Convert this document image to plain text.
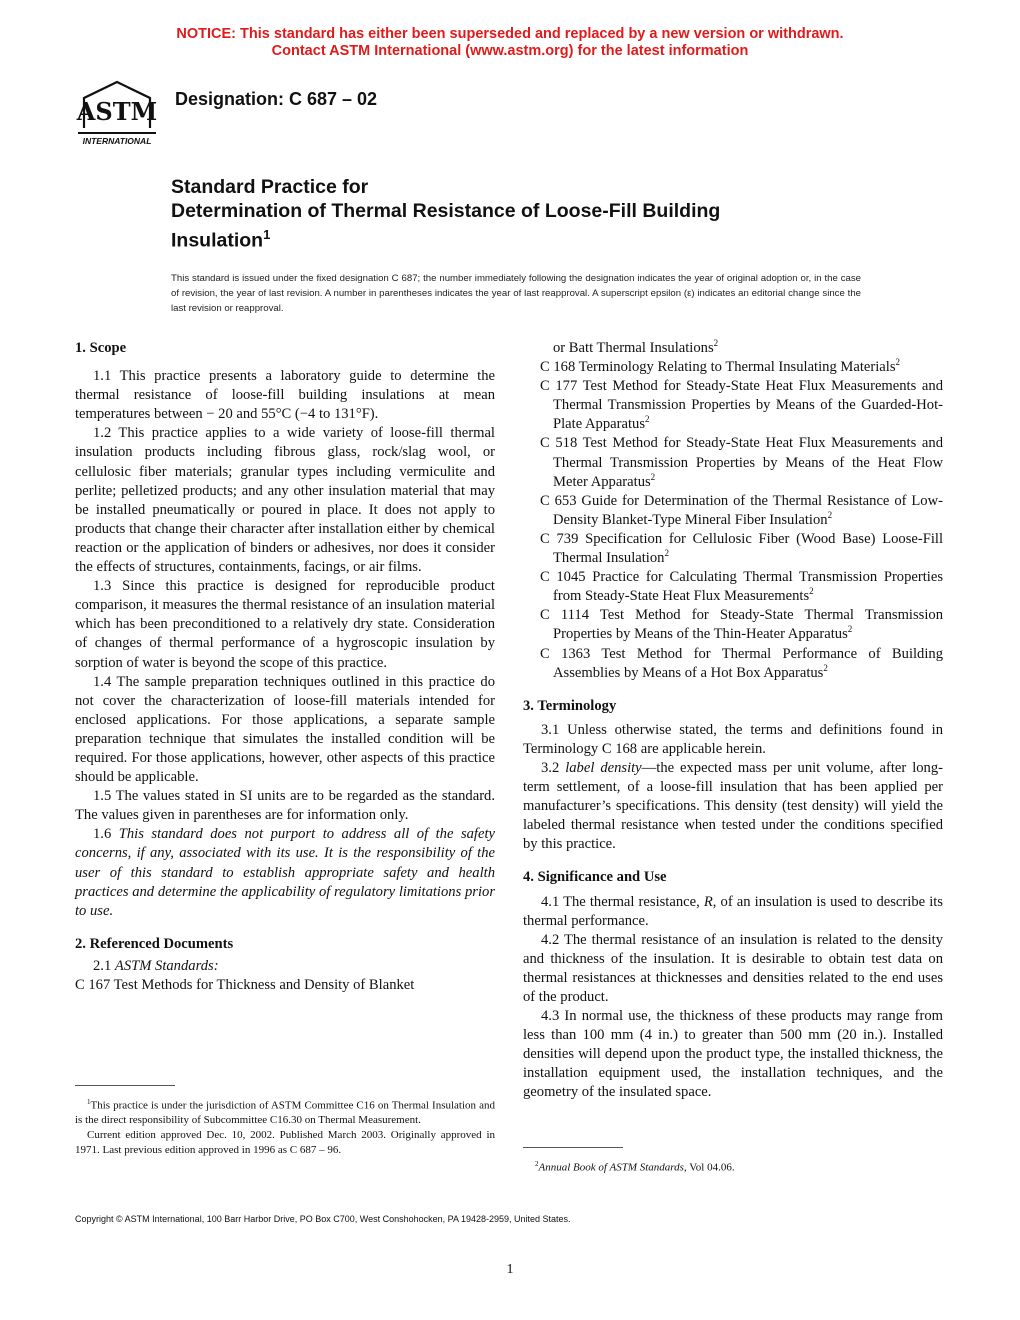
NOTICE: This standard has either been superseded and replaced by a new version or withdrawn.
Contact ASTM International (www.astm.org) for the latest information
ASTM
INTERNATIONAL
Designation: C 687 – 02
Standard Practice for
Determination of Thermal Resistance of Loose-Fill Building
Insulation$^1$
This standard is issued under the fixed designation C 687; the number immediately following the designation indicates the year of original adoption or, in the case of revision, the year of last revision. A number in parentheses indicates the year of last reapproval. A superscript epsilon (ε) indicates an editorial change since the last revision or reapproval.
1. Scope

1.1 This practice presents a laboratory guide to determine the thermal resistance of loose-fill building insulations at mean temperatures between − 20 and 55°C (−4 to 131°F).

1.2 This practice applies to a wide variety of loose-fill thermal insulation products including fibrous glass, rock/slag wool, or cellulosic fiber materials; granular types including vermiculite and perlite; pelletized products; and any other insulation material that may be installed pneumatically or poured in place. It does not apply to products that change their character after installation either by chemical reaction or the application of binders or adhesives, nor does it consider the effects of structures, containments, facings, or air films.

1.3 Since this practice is designed for reproducible product comparison, it measures the thermal resistance of an insulation material which has been preconditioned to a relatively dry state. Consideration of changes of thermal performance of a hygroscopic insulation by sorption of water is beyond the scope of this practice.

1.4 The sample preparation techniques outlined in this practice do not cover the characterization of loose-fill materials intended for enclosed applications. For those applications, a separate sample preparation technique that simulates the installed condition will be required. For those applications, however, other aspects of this practice should be applicable.

1.5 The values stated in SI units are to be regarded as the standard. The values given in parentheses are for information only.

1.6 This standard does not purport to address all of the safety concerns, if any, associated with its use. It is the responsibility of the user of this standard to establish appropriate safety and health practices and determine the applicability of regulatory limitations prior to use.

2. Referenced Documents

2.1 ASTM Standards:

C 167 Test Methods for Thickness and Density of Blanket

$^1$This practice is under the jurisdiction of ASTM Committee C16 on Thermal Insulation and is the direct responsibility of Subcommittee C16.30 on Thermal Measurement.

Current edition approved Dec. 10, 2002. Published March 2003. Originally approved in 1971. Last previous edition approved in 1996 as C 687 – 96.

or Batt Thermal Insulations$^2$

C 168 Terminology Relating to Thermal Insulating Materials$^2$

C 177 Test Method for Steady-State Heat Flux Measurements and Thermal Transmission Properties by Means of the Guarded-Hot-Plate Apparatus$^2$

C 518 Test Method for Steady-State Heat Flux Measurements and Thermal Transmission Properties by Means of the Heat Flow Meter Apparatus$^2$

C 653 Guide for Determination of the Thermal Resistance of Low-Density Blanket-Type Mineral Fiber Insulation$^2$

C 739 Specification for Cellulosic Fiber (Wood Base) Loose-Fill Thermal Insulation$^2$

C 1045 Practice for Calculating Thermal Transmission Properties from Steady-State Heat Flux Measurements$^2$

C 1114 Test Method for Steady-State Thermal Transmission Properties by Means of the Thin-Heater Apparatus$^2$

C 1363 Test Method for Thermal Performance of Building Assemblies by Means of a Hot Box Apparatus$^2$

3. Terminology

3.1 Unless otherwise stated, the terms and definitions found in Terminology C 168 are applicable herein.

3.2 label density—the expected mass per unit volume, after long-term settlement, of a loose-fill insulation that has been applied per manufacturer’s specifications. This density (test density) will yield the labeled thermal resistance when tested under the conditions specified by this practice.

4. Significance and Use

4.1 The thermal resistance, R, of an insulation is used to describe its thermal performance.

4.2 The thermal resistance of an insulation is related to the density and thickness of the insulation. It is desirable to obtain test data on thermal resistances at thicknesses and densities related to the end uses of the product.

4.3 In normal use, the thickness of these products may range from less than 100 mm (4 in.) to greater than 500 mm (20 in.). Installed densities will depend upon the product type, the installed thickness, the installation equipment used, the installation techniques, and the geometry of the insulated space.

$^2$Annual Book of ASTM Standards, Vol 04.06.

Copyright © ASTM International, 100 Barr Harbor Drive, PO Box C700, West Conshohocken, PA 19428-2959, United States.
1
